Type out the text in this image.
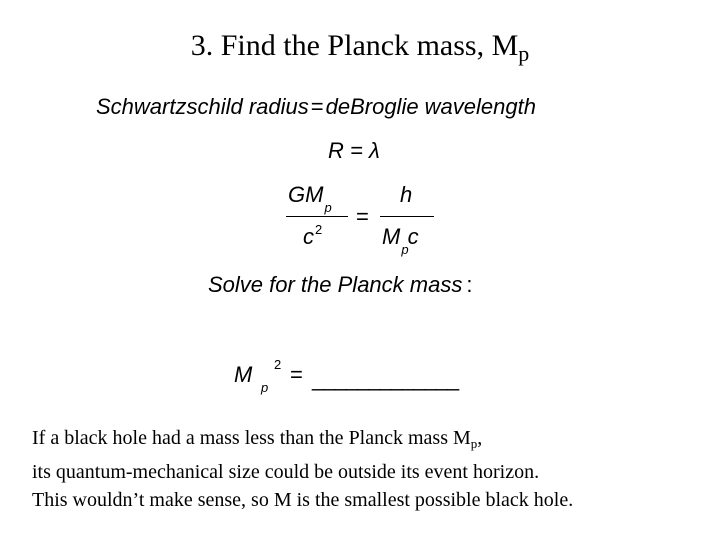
3. Find the Planck mass, $M_p$
Schwartzschild radius=deBroglie wavelength
R = λ
$GM_p$
$c^2$
=
h
$M_pc$
Solve for the Planck mass :
M
p
2 = _____________
If a black hole had a mass less than the Planck mass $M_p$,
its quantum-mechanical size could be outside its event horizon.
This wouldn’t make sense, so M is the smallest possible black hole.
